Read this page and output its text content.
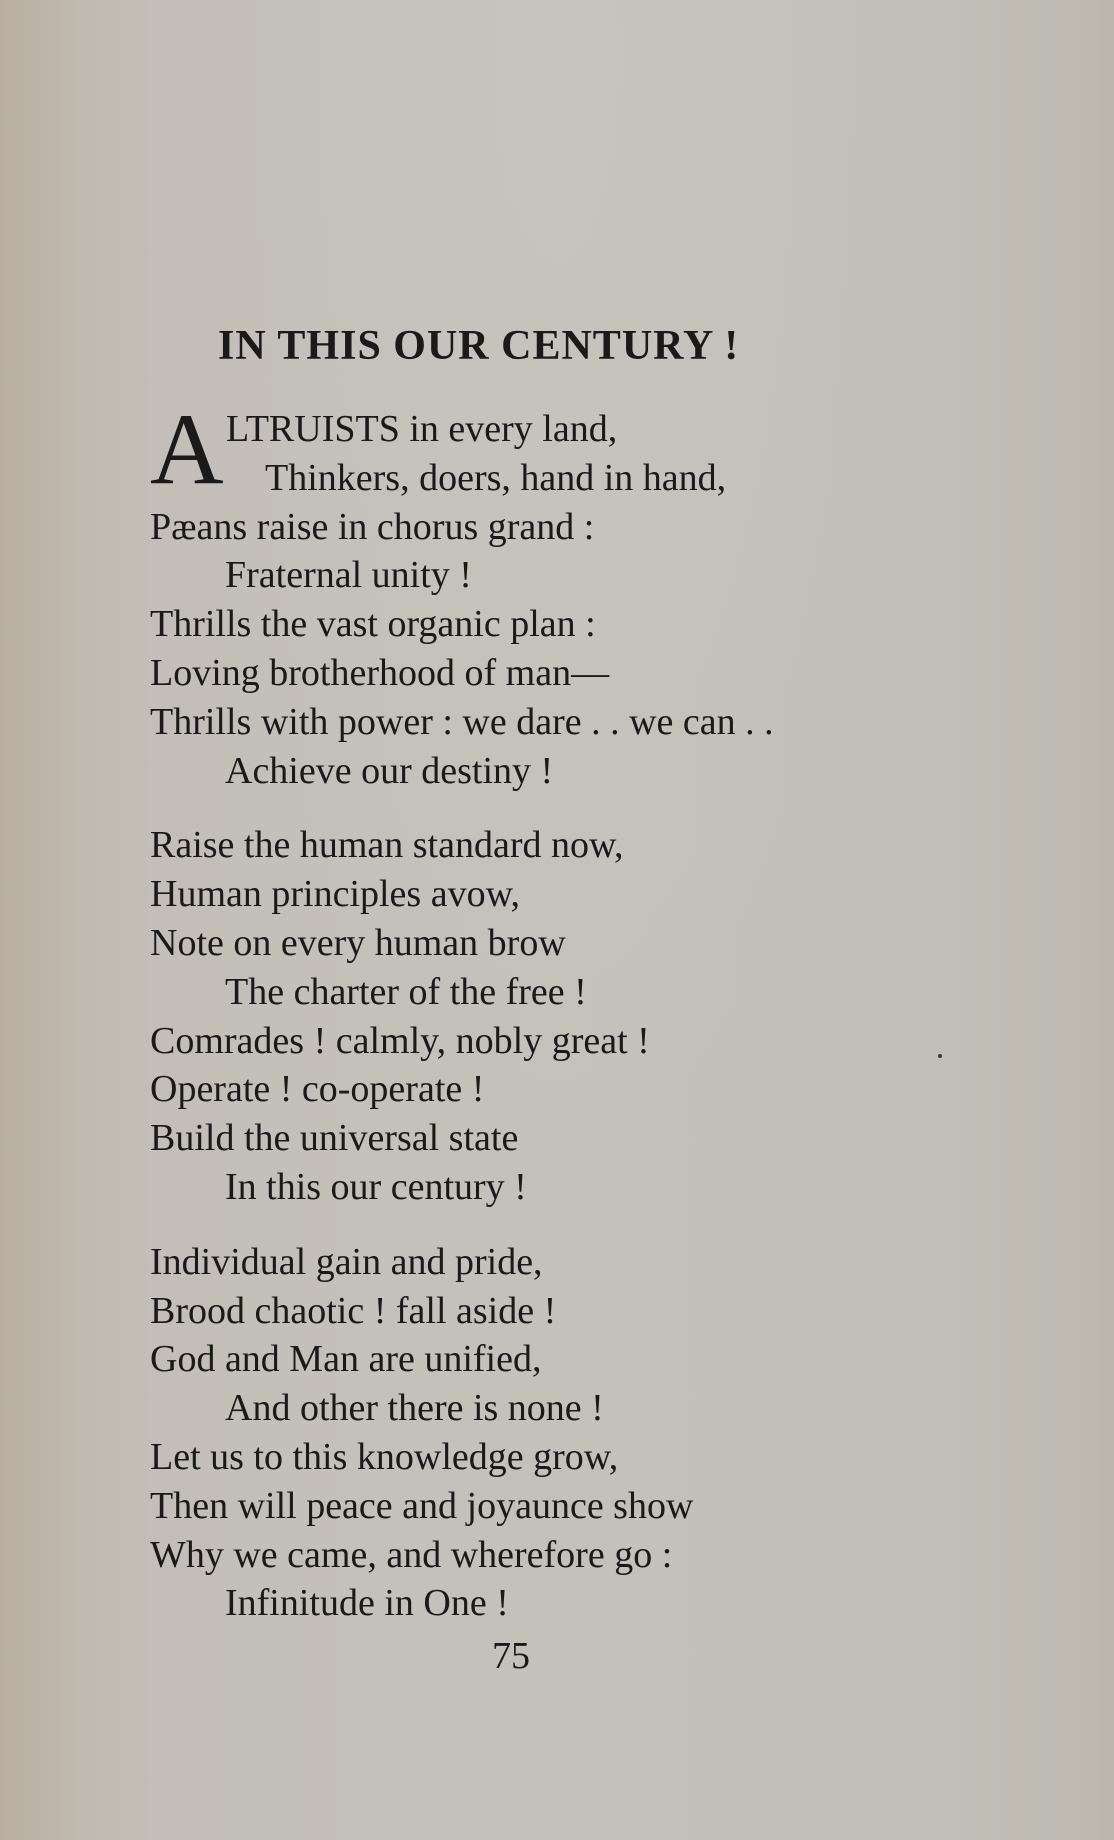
IN THIS OUR CENTURY !
A LTRUISTS in every land,
Thinkers, doers, hand in hand,
Pæans raise in chorus grand :
Fraternal unity !
Thrills the vast organic plan :
Loving brotherhood of man—
Thrills with power : we dare . . we can . .
Achieve our destiny !
Raise the human standard now,
Human principles avow,
Note on every human brow
The charter of the free !
Comrades ! calmly, nobly great !
Operate ! co-operate !
Build the universal state
In this our century !
Individual gain and pride,
Brood chaotic ! fall aside !
God and Man are unified,
And other there is none !
Let us to this knowledge grow,
Then will peace and joyaunce show
Why we came, and wherefore go :
Infinitude in One !
75
